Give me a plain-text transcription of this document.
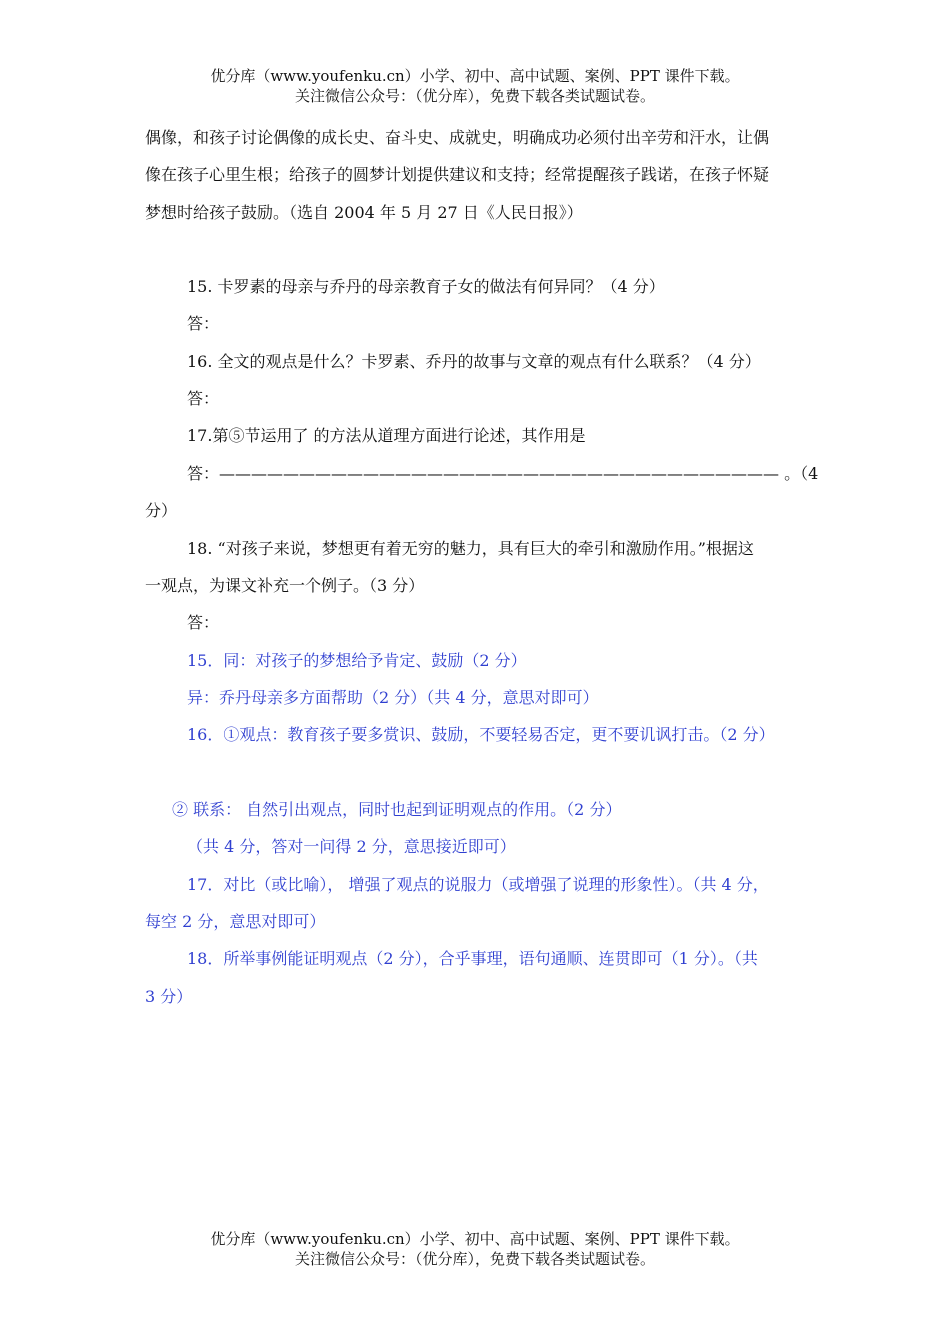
优分库（www.youfenku.cn）小学、初中、高中试题、案例、PPT 课件下载。
关注微信公众号：（优分库），免费下载各类试题试卷。
偶像，和孩子讨论偶像的成长史、奋斗史、成就史，明确成功必须付出辛劳和汗水，让偶
像在孩子心里生根；给孩子的圆梦计划提供建议和支持；经常提醒孩子践诺，在孩子怀疑
梦想时给孩子鼓励。（选自 2004 年 5 月 27 日《人民日报》）
15. 卡罗素的母亲与乔丹的母亲教育子女的做法有何异同？（4 分）
答：
16. 全文的观点是什么？卡罗素、乔丹的故事与文章的观点有什么联系？（4 分）
答：
17.第⑤节运用了 的方法从道理方面进行论述，其作用是
答：——————————————————————————————————— 。（4
分）
18. “对孩子来说，梦想更有着无穷的魅力，具有巨大的牵引和激励作用。”根据这
一观点，为课文补充一个例子。（3 分）
答：
15．同：对孩子的梦想给予肯定、鼓励（2 分）
异：乔丹母亲多方面帮助（2 分）（共 4 分，意思对即可）
16．①观点：教育孩子要多赏识、鼓励，不要轻易否定，更不要讥讽打击。（2 分）
② 联系： 自然引出观点，同时也起到证明观点的作用。（2 分）
（共 4 分，答对一问得 2 分，意思接近即可）
17．对比（或比喻）， 增强了观点的说服力（或增强了说理的形象性）。（共 4 分，
每空 2 分，意思对即可）
18．所举事例能证明观点（2 分），合乎事理，语句通顺、连贯即可（1 分）。（共
3 分）
优分库（www.youfenku.cn）小学、初中、高中试题、案例、PPT 课件下载。
关注微信公众号：（优分库），免费下载各类试题试卷。
